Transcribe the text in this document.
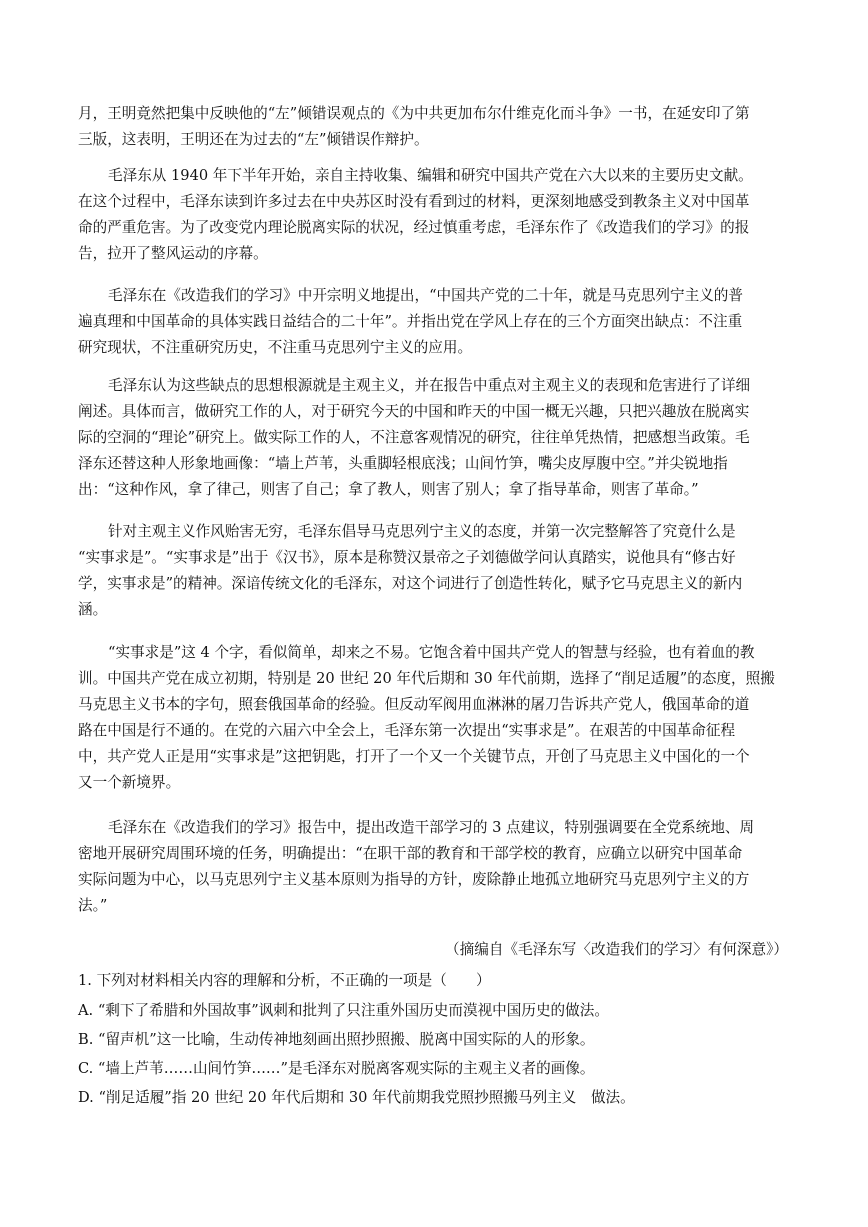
月，王明竟然把集中反映他的“左”倾错误观点的《为中共更加布尔什维克化而斗争》一书，在延安印了第
三版，这表明，王明还在为过去的“左”倾错误作辩护。
毛泽东从 1940 年下半年开始，亲自主持收集、编辑和研究中国共产党在六大以来的主要历史文献。
在这个过程中，毛泽东读到许多过去在中央苏区时没有看到过的材料，更深刻地感受到教条主义对中国革
命的严重危害。为了改变党内理论脱离实际的状况，经过慎重考虑，毛泽东作了《改造我们的学习》的报
告，拉开了整风运动的序幕。
毛泽东在《改造我们的学习》中开宗明义地提出，“中国共产党的二十年，就是马克思列宁主义的普
遍真理和中国革命的具体实践日益结合的二十年”。并指出党在学风上存在的三个方面突出缺点：不注重
研究现状，不注重研究历史，不注重马克思列宁主义的应用。
毛泽东认为这些缺点的思想根源就是主观主义，并在报告中重点对主观主义的表现和危害进行了详细
阐述。具体而言，做研究工作的人，对于研究今天的中国和昨天的中国一概无兴趣，只把兴趣放在脱离实
际的空洞的“理论”研究上。做实际工作的人，不注意客观情况的研究，往往单凭热情，把感想当政策。毛
泽东还替这种人形象地画像：“墙上芦苇，头重脚轻根底浅；山间竹笋，嘴尖皮厚腹中空。”并尖锐地指
出：“这种作风，拿了律己，则害了自己；拿了教人，则害了别人；拿了指导革命，则害了革命。”
针对主观主义作风贻害无穷，毛泽东倡导马克思列宁主义的态度，并第一次完整解答了究竟什么是
“实事求是”。“实事求是”出于《汉书》，原本是称赞汉景帝之子刘德做学问认真踏实，说他具有“修古好
学，实事求是”的精神。深谙传统文化的毛泽东，对这个词进行了创造性转化，赋予它马克思主义的新内
涵。
“实事求是”这 4 个字，看似简单，却来之不易。它饱含着中国共产党人的智慧与经验，也有着血的教
训。中国共产党在成立初期，特别是 20 世纪 20 年代后期和 30 年代前期，选择了“削足适履”的态度，照搬
马克思主义书本的字句，照套俄国革命的经验。但反动军阀用血淋淋的屠刀告诉共产党人，俄国革命的道
路在中国是行不通的。在党的六届六中全会上，毛泽东第一次提出“实事求是”。在艰苦的中国革命征程
中，共产党人正是用“实事求是”这把钥匙，打开了一个又一个关键节点，开创了马克思主义中国化的一个
又一个新境界。
毛泽东在《改造我们的学习》报告中，提出改造干部学习的 3 点建议，特别强调要在全党系统地、周
密地开展研究周围环境的任务，明确提出：“在职干部的教育和干部学校的教育，应确立以研究中国革命
实际问题为中心，以马克思列宁主义基本原则为指导的方针，废除静止地孤立地研究马克思列宁主义的方
法。”
（摘编自《毛泽东写〈改造我们的学习〉有何深意》）
1. 下列对材料相关内容的理解和分析，不正确的一项是（　　）
A. “剩下了希腊和外国故事”讽刺和批判了只注重外国历史而漠视中国历史的做法。
B. “留声机”这一比喻，生动传神地刻画出照抄照搬、脱离中国实际的人的形象。
C. “墙上芦苇……山间竹笋……”是毛泽东对脱离客观实际的主观主义者的画像。
D. “削足适履”指 20 世纪 20 年代后期和 30 年代前期我党照抄照搬马列主义　做法。
